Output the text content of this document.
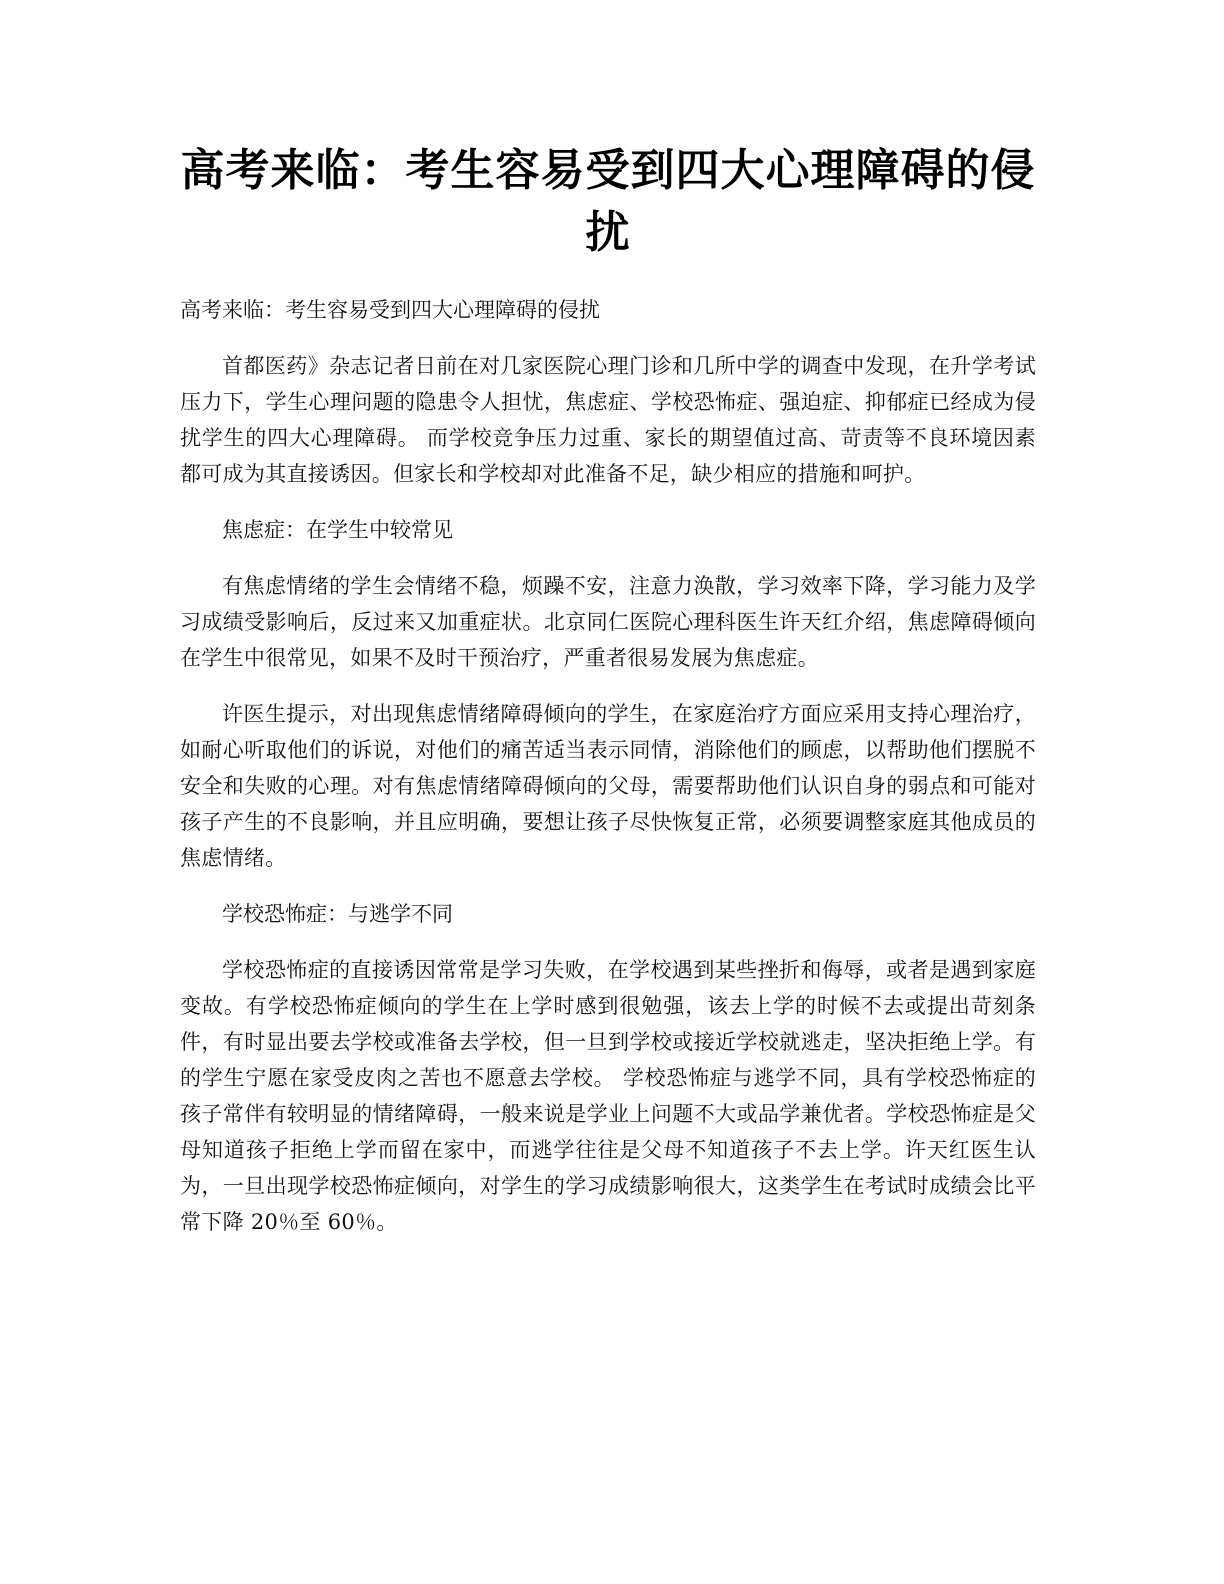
高考来临：考生容易受到四大心理障碍的侵扰

高考来临：考生容易受到四大心理障碍的侵扰

首都医药》杂志记者日前在对几家医院心理门诊和几所中学的调查中发现，在升学考试压力下，学生心理问题的隐患令人担忧，焦虑症、学校恐怖症、强迫症、抑郁症已经成为侵扰学生的四大心理障碍。 而学校竞争压力过重、家长的期望值过高、苛责等不良环境因素都可成为其直接诱因。但家长和学校却对此准备不足，缺少相应的措施和呵护。

焦虑症：在学生中较常见

有焦虑情绪的学生会情绪不稳，烦躁不安，注意力涣散，学习效率下降，学习能力及学习成绩受影响后，反过来又加重症状。北京同仁医院心理科医生许天红介绍，焦虑障碍倾向在学生中很常见，如果不及时干预治疗，严重者很易发展为焦虑症。

许医生提示，对出现焦虑情绪障碍倾向的学生，在家庭治疗方面应采用支持心理治疗，如耐心听取他们的诉说，对他们的痛苦适当表示同情，消除他们的顾虑，以帮助他们摆脱不安全和失败的心理。对有焦虑情绪障碍倾向的父母，需要帮助他们认识自身的弱点和可能对孩子产生的不良影响，并且应明确，要想让孩子尽快恢复正常，必须要调整家庭其他成员的焦虑情绪。

学校恐怖症：与逃学不同

学校恐怖症的直接诱因常常是学习失败，在学校遇到某些挫折和侮辱，或者是遇到家庭变故。有学校恐怖症倾向的学生在上学时感到很勉强，该去上学的时候不去或提出苛刻条件，有时显出要去学校或准备去学校，但一旦到学校或接近学校就逃走，坚决拒绝上学。有的学生宁愿在家受皮肉之苦也不愿意去学校。 学校恐怖症与逃学不同，具有学校恐怖症的孩子常伴有较明显的情绪障碍，一般来说是学业上问题不大或品学兼优者。学校恐怖症是父母知道孩子拒绝上学而留在家中，而逃学往往是父母不知道孩子不去上学。许天红医生认为，一旦出现学校恐怖症倾向，对学生的学习成绩影响很大，这类学生在考试时成绩会比平常下降 20％至 60％。
